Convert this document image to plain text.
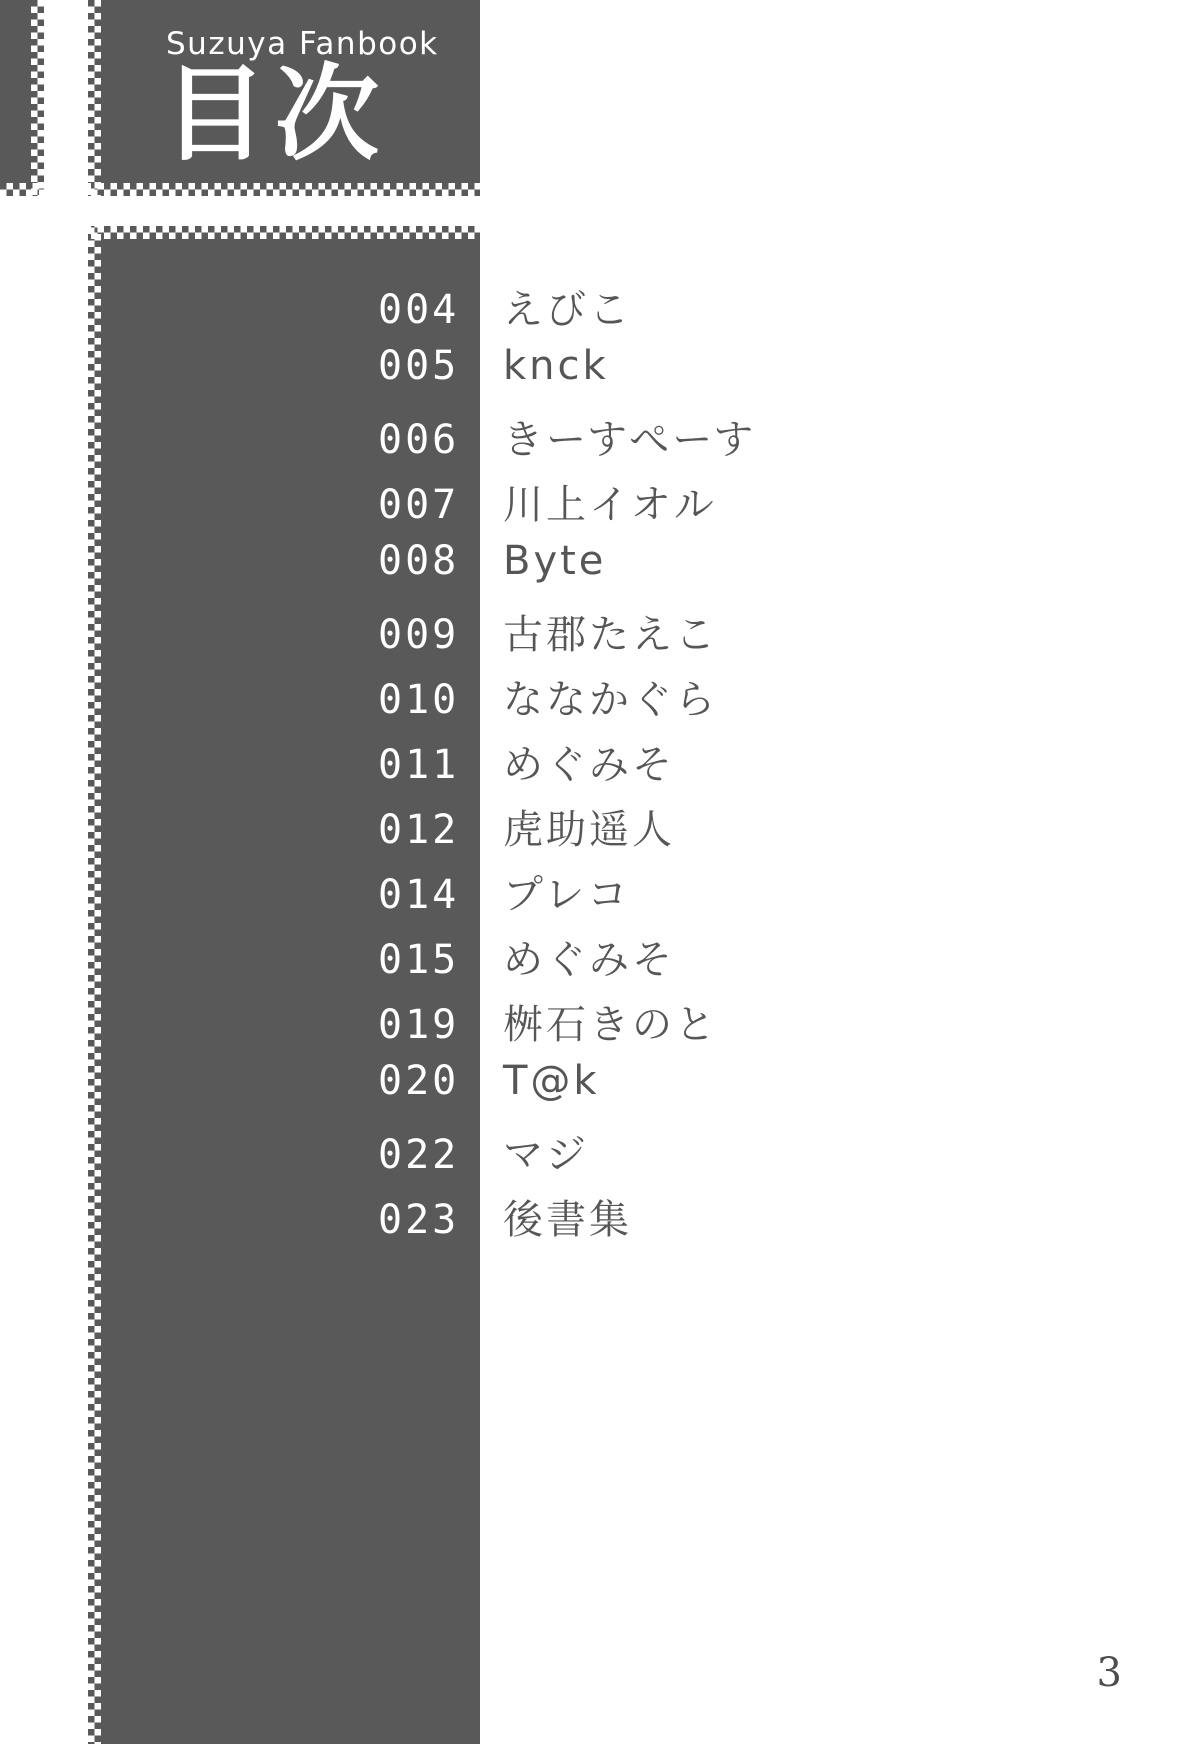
Suzuya Fanbook
目次
004	えびこ
005	knck
006	きーすぺーす
007	川上イオル
008	Byte
009	古郡たえこ
010	ななかぐら
011	めぐみそ
012	虎助遥人
014	プレコ
015	めぐみそ
019	桝石きのと
020	T@k
022	マジ
023	後書集
3
